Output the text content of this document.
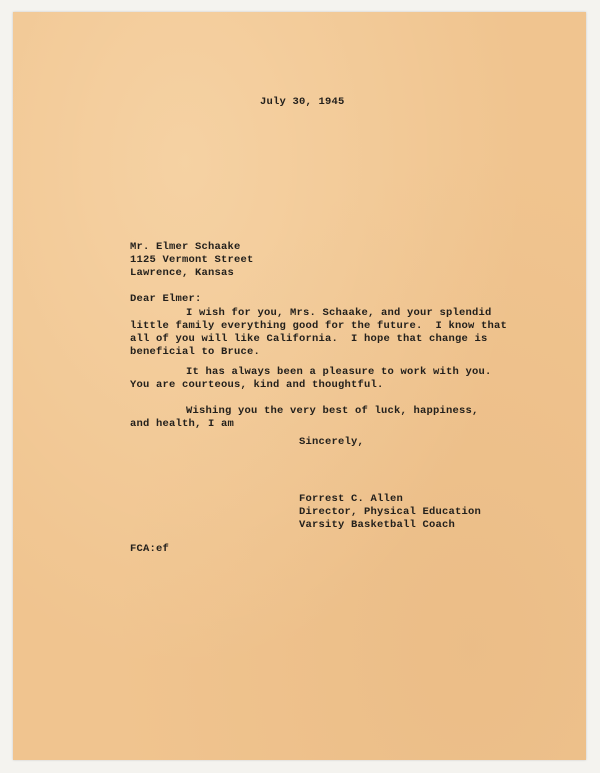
July 30, 1945

Mr. Elmer Schaake

1125 Vermont Street

Lawrence, Kansas

Dear Elmer:

I wish for you, Mrs. Schaake, and your splendid

little family everything good for the future.  I know that

all of you will like California.  I hope that change is

beneficial to Bruce.

It has always been a pleasure to work with you.

You are courteous, kind and thoughtful.

Wishing you the very best of luck, happiness,

and health, I am

Sincerely,

Forrest C. Allen

Director, Physical Education

Varsity Basketball Coach

FCA:ef
